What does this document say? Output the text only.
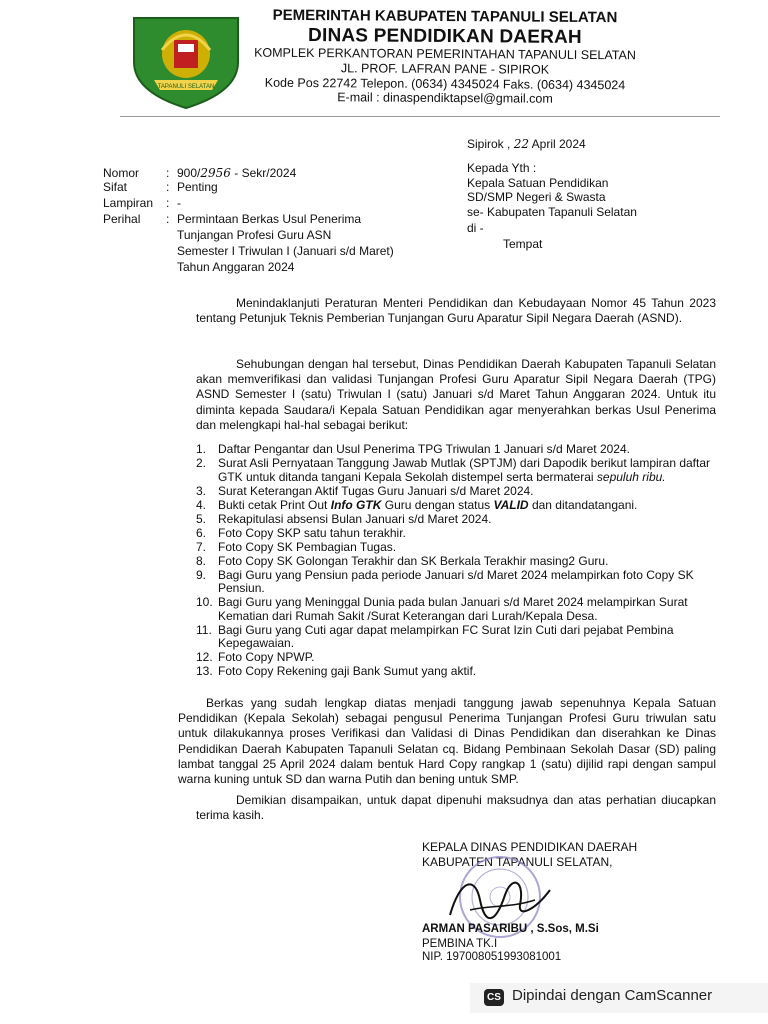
TAPANULI SELATAN
PEMERINTAH KABUPATEN TAPANULI SELATAN
DINAS PENDIDIKAN DAERAH
KOMPLEK PERKANTORAN PEMERINTAHAN TAPANULI SELATAN
JL. PROF. LAFRAN PANE - SIPIROK
Kode Pos 22742 Telepon. (0634) 4345024 Faks. (0634) 4345024
E-mail : dinaspendiktapsel@gmail.com
Sipirok , 22 April 2024
Kepada Yth :
Kepala Satuan Pendidikan
SD/SMP Negeri & Swasta
se- Kabupaten Tapanuli Selatan
di -
Tempat
Nomor : 900/2956 - Sekr/2024
Sifat	: Penting
Lampiran : -
Perihal : Permintaan Berkas Usul Penerima
Tunjangan Profesi Guru ASN
Semester I Triwulan I (Januari s/d Maret)
Tahun Anggaran 2024
Menindaklanjuti Peraturan Menteri Pendidikan dan Kebudayaan Nomor 45 Tahun 2023 tentang Petunjuk Teknis Pemberian Tunjangan Guru Aparatur Sipil Negara Daerah (ASND).
Sehubungan dengan hal tersebut, Dinas Pendidikan Daerah Kabupaten Tapanuli Selatan akan memverifikasi dan validasi Tunjangan Profesi Guru Aparatur Sipil Negara Daerah (TPG) ASND Semester I (satu) Triwulan I (satu) Januari s/d Maret Tahun Anggaran 2024. Untuk itu diminta kepada Saudara/i Kepala Satuan Pendidikan agar menyerahkan berkas Usul Penerima dan melengkapi hal-hal sebagai berikut:
1. Daftar Pengantar dan Usul Penerima TPG Triwulan 1 Januari s/d Maret 2024.
2. Surat Asli Pernyataan Tanggung Jawab Mutlak (SPTJM) dari Dapodik berikut lampiran daftar GTK untuk ditanda tangani Kepala Sekolah distempel serta bermaterai sepuluh ribu.
3. Surat Keterangan Aktif Tugas Guru Januari s/d Maret 2024.
4. Bukti cetak Print Out Info GTK Guru dengan status VALID dan ditandatangani.
5. Rekapitulasi absensi Bulan Januari s/d Maret 2024.
6. Foto Copy SKP satu tahun terakhir.
7. Foto Copy SK Pembagian Tugas.
8. Foto Copy SK Golongan Terakhir dan SK Berkala Terakhir masing2 Guru.
9. Bagi Guru yang Pensiun pada periode Januari s/d Maret 2024 melampirkan foto Copy SK Pensiun.
10. Bagi Guru yang Meninggal Dunia pada bulan Januari s/d Maret 2024 melampirkan Surat Kematian dari Rumah Sakit /Surat Keterangan dari Lurah/Kepala Desa.
11. Bagi Guru yang Cuti agar dapat melampirkan FC Surat Izin Cuti dari pejabat Pembina Kepegawaian.
12. Foto Copy NPWP.
13. Foto Copy Rekening gaji Bank Sumut yang aktif.
Berkas yang sudah lengkap diatas menjadi tanggung jawab sepenuhnya Kepala Satuan Pendidikan (Kepala Sekolah) sebagai pengusul Penerima Tunjangan Profesi Guru triwulan satu untuk dilakukannya proses Verifikasi dan Validasi di Dinas Pendidikan dan diserahkan ke Dinas Pendidikan Daerah Kabupaten Tapanuli Selatan cq. Bidang Pembinaan Sekolah Dasar (SD) paling lambat tanggal 25 April 2024 dalam bentuk Hard Copy rangkap 1 (satu) dijilid rapi dengan sampul warna kuning untuk SD dan warna Putih dan bening untuk SMP.
Demikian disampaikan, untuk dapat dipenuhi maksudnya dan atas perhatian diucapkan terima kasih.
KEPALA DINAS PENDIDIKAN DAERAH
KABUPATEN TAPANULI SELATAN,
ARMAN PASARIBU , S.Sos, M.Si
PEMBINA TK.I
NIP. 197008051993081001
CS Dipindai dengan CamScanner
